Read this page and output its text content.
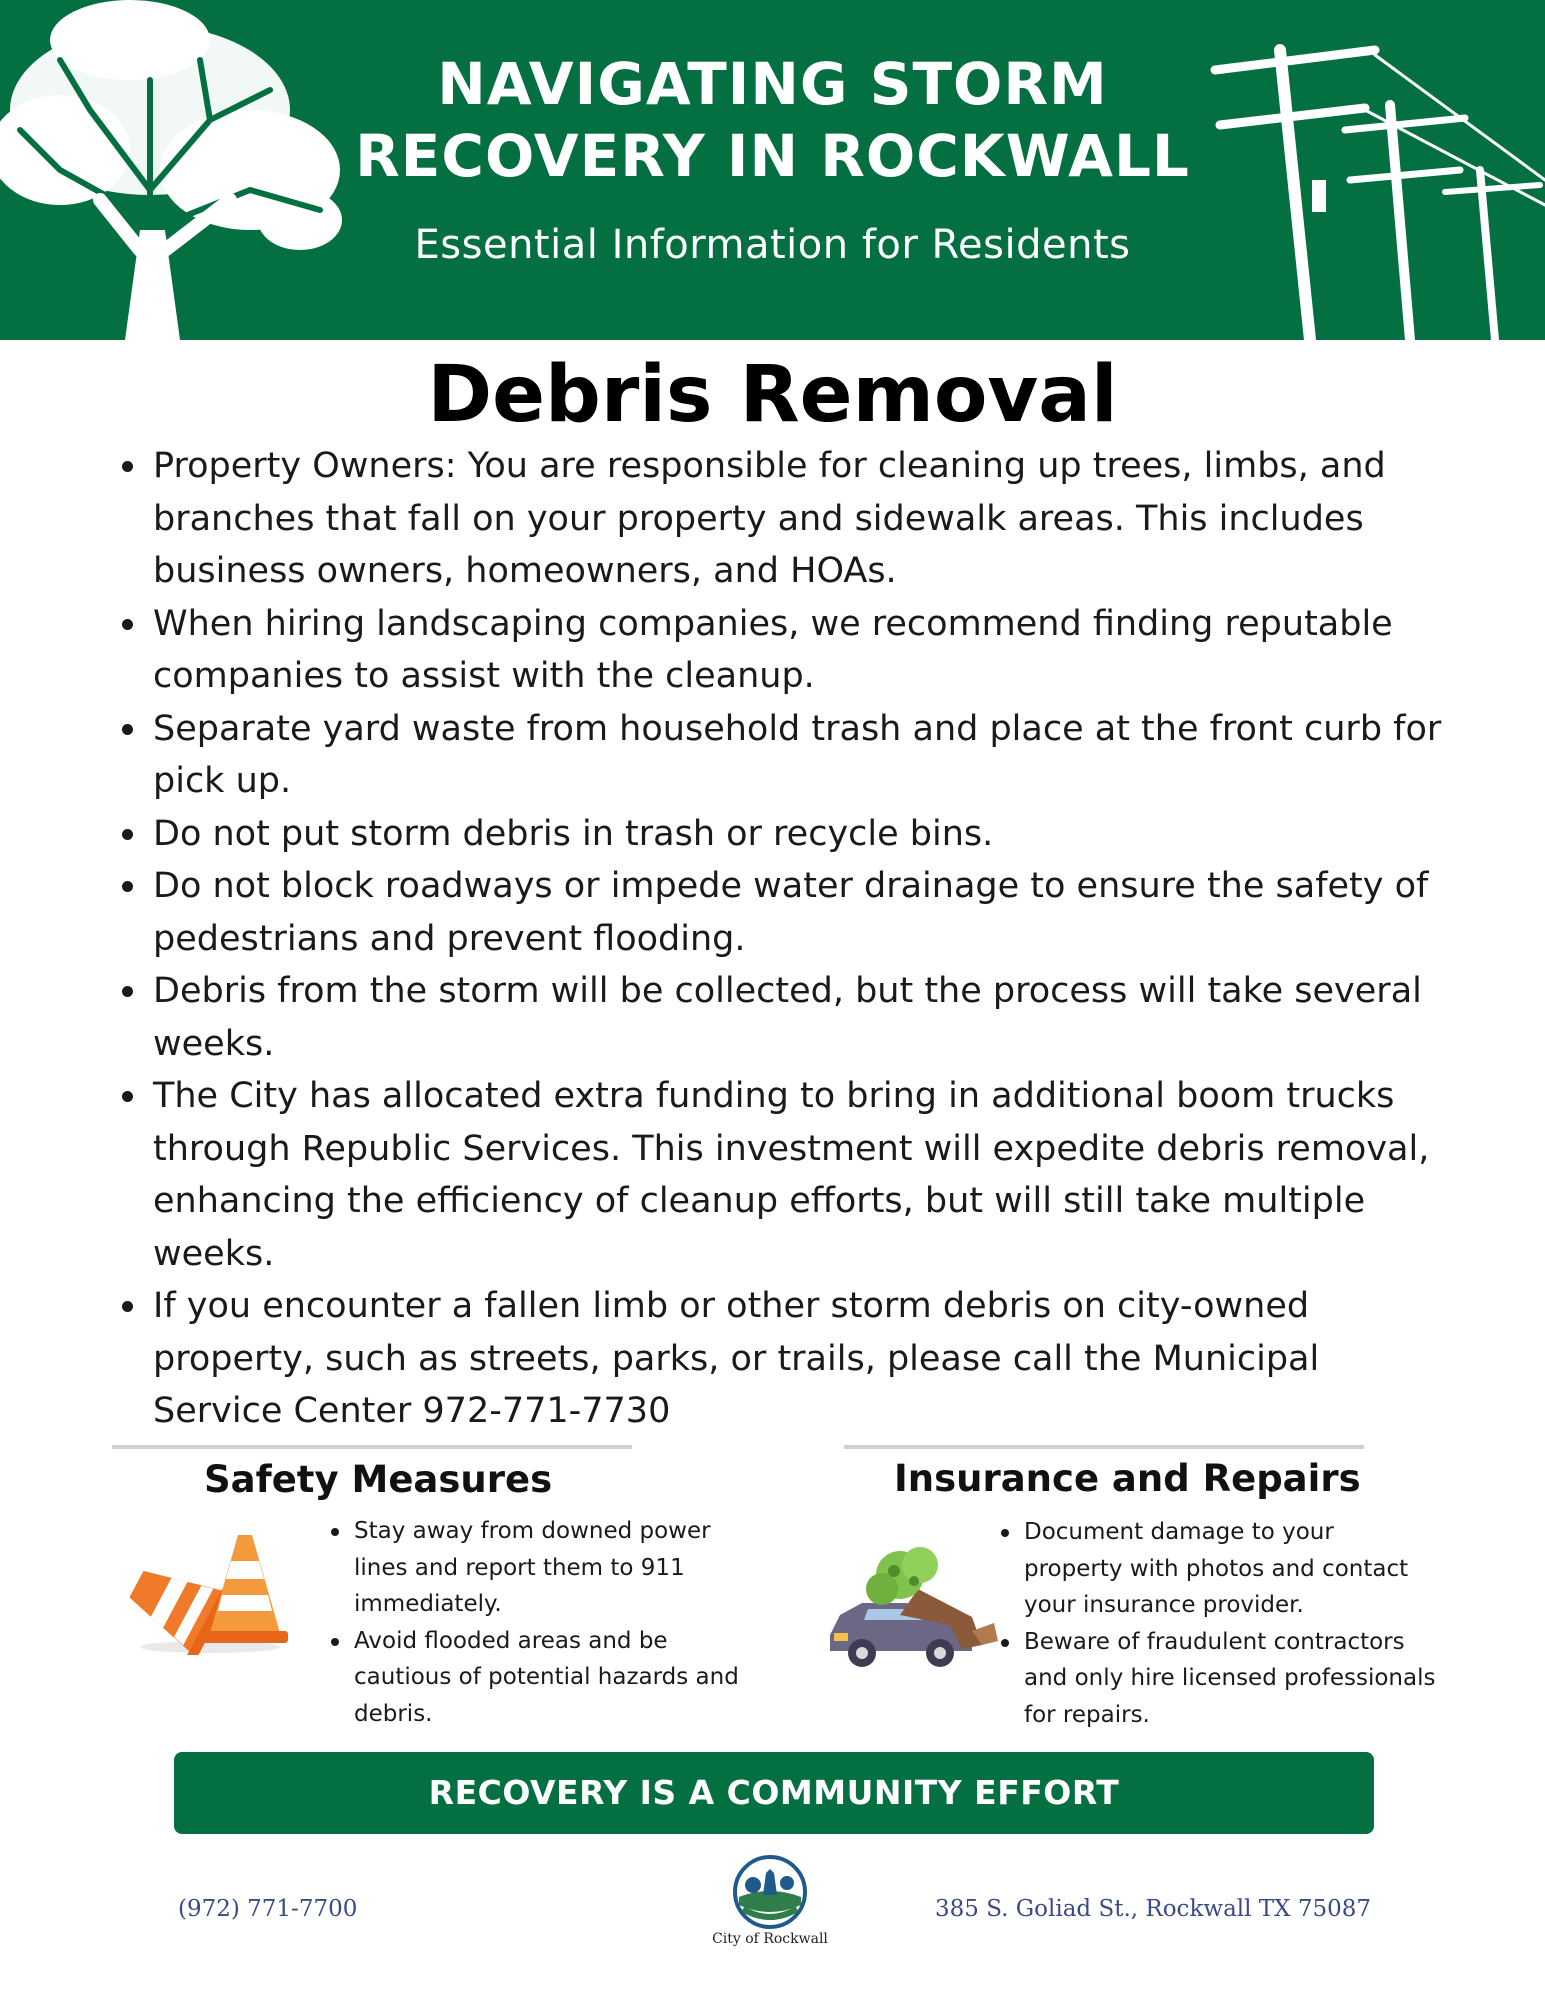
NAVIGATING STORM
RECOVERY IN ROCKWALL

Essential Information for Residents

Debris Removal
Property Owners: You are responsible for cleaning up trees, limbs, and branches that fall on your property and sidewalk areas. This includes business owners, homeowners, and HOAs.
When hiring landscaping companies, we recommend finding reputable companies to assist with the cleanup.
Separate yard waste from household trash and place at the front curb for pick up.
Do not put storm debris in trash or recycle bins.
Do not block roadways or impede water drainage to ensure the safety of pedestrians and prevent flooding.
Debris from the storm will be collected, but the process will take several weeks.
The City has allocated extra funding to bring in additional boom trucks through Republic Services. This investment will expedite debris removal, enhancing the efficiency of cleanup efforts, but will still take multiple weeks.
If you encounter a fallen limb or other storm debris on city-owned property, such as streets, parks, or trails, please call the Municipal Service Center 972-771-7730
Safety Measures
Stay away from downed power lines and report them to 911 immediately.
Avoid flooded areas and be cautious of potential hazards and debris.
Insurance and Repairs
Document damage to your property with photos and contact your insurance provider.
Beware of fraudulent contractors and only hire licensed professionals for repairs.
RECOVERY IS A COMMUNITY EFFORT

(972) 771-7700

City of Rockwall

385 S. Goliad St., Rockwall TX 75087
